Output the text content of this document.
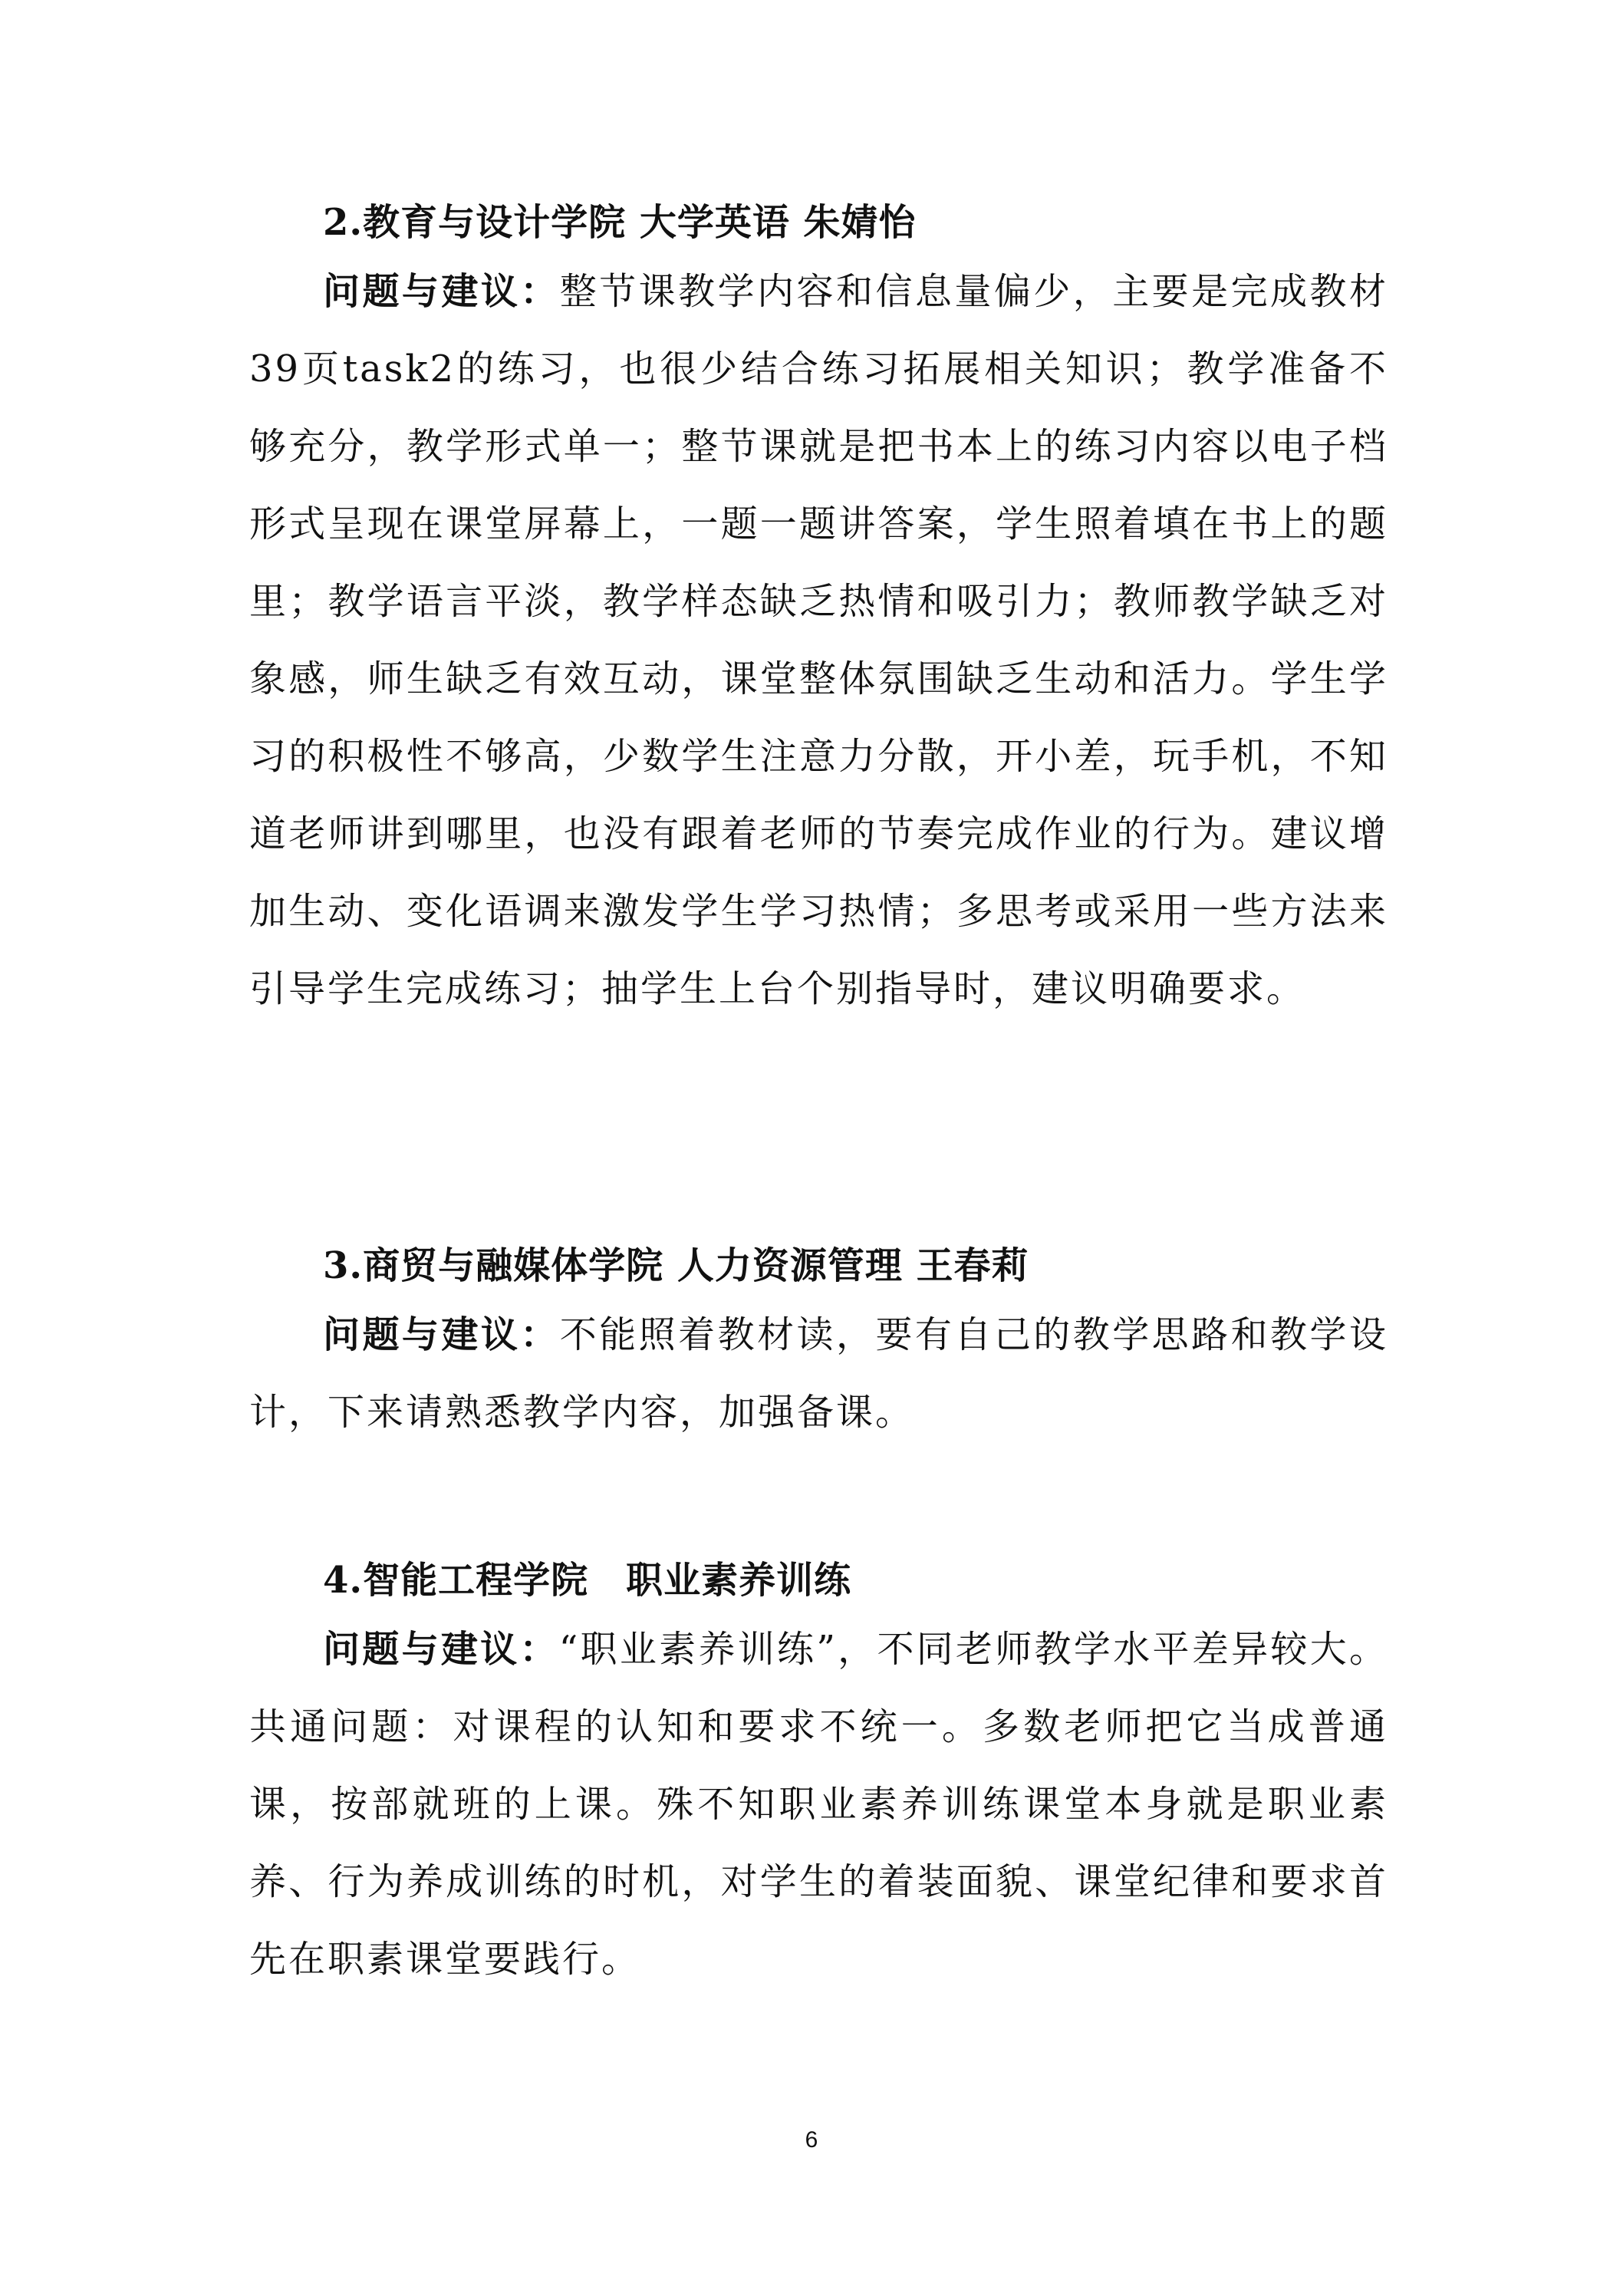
2.教育与设计学院 大学英语 朱婧怡

问题与建议：整节课教学内容和信息量偏少，主要是完成教材39页task2的练习，也很少结合练习拓展相关知识；教学准备不够充分，教学形式单一；整节课就是把书本上的练习内容以电子档形式呈现在课堂屏幕上，一题一题讲答案，学生照着填在书上的题里；教学语言平淡，教学样态缺乏热情和吸引力；教师教学缺乏对象感，师生缺乏有效互动，课堂整体氛围缺乏生动和活力。学生学习的积极性不够高，少数学生注意力分散，开小差，玩手机，不知道老师讲到哪里，也没有跟着老师的节奏完成作业的行为。建议增加生动、变化语调来激发学生学习热情；多思考或采用一些方法来引导学生完成练习；抽学生上台个别指导时，建议明确要求。

3.商贸与融媒体学院 人力资源管理 王春莉

问题与建议：不能照着教材读，要有自己的教学思路和教学设计，下来请熟悉教学内容，加强备课。

4.智能工程学院　职业素养训练

问题与建议：“职业素养训练”，不同老师教学水平差异较大。共通问题：对课程的认知和要求不统一。多数老师把它当成普通课，按部就班的上课。殊不知职业素养训练课堂本身就是职业素养、行为养成训练的时机，对学生的着装面貌、课堂纪律和要求首先在职素课堂要践行。

6
